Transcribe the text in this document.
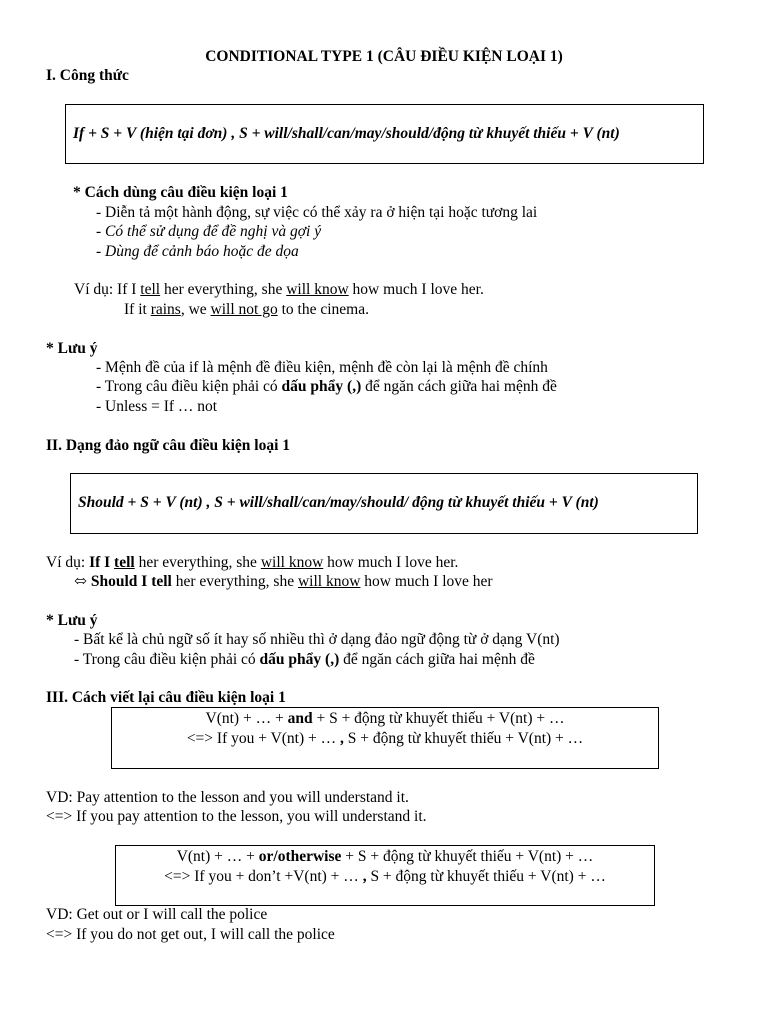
CONDITIONAL TYPE 1 (CÂU ĐIỀU KIỆN LOẠI 1)
I. Công thức
If + S + V (hiện tại đơn) , S + will/shall/can/may/should/động từ khuyết thiếu + V (nt)
* Cách dùng câu điều kiện loại 1
- Diễn tả một hành động, sự việc có thể xảy ra ở hiện tại hoặc tương lai
- Có thể sử dụng để đề nghị và gợi ý
- Dùng để cảnh báo hoặc đe dọa
Ví dụ: If I tell her everything, she will know how much I love her.
If it rains, we will not go to the cinema.
* Lưu ý
- Mệnh đề của if là mệnh đề điều kiện, mệnh đề còn lại là mệnh đề chính
- Trong câu điều kiện phải có dấu phẩy (,) để ngăn cách giữa hai mệnh đề
- Unless = If … not
II. Dạng đảo ngữ câu điều kiện loại 1
Should + S + V (nt) , S + will/shall/can/may/should/ động từ khuyết thiếu + V (nt)
Ví dụ: If I tell her everything, she will know how much I love her.
⬄ Should I tell her everything, she will know how much I love her
* Lưu ý
- Bất kể là chủ ngữ số ít hay số nhiều thì ở dạng đảo ngữ động từ ở dạng V(nt)
- Trong câu điều kiện phải có dấu phẩy (,) để ngăn cách giữa hai mệnh đề
III. Cách viết lại câu điều kiện loại 1
V(nt) + … + and + S + động từ khuyết thiếu + V(nt) + …
<=> If you + V(nt) + … , S + động từ khuyết thiếu + V(nt) + …
VD: Pay attention to the lesson and you will understand it.
<=> If you pay attention to the lesson, you will understand it.
V(nt) + … + or/otherwise + S + động từ khuyết thiếu + V(nt) + …
<=> If you + don’t +V(nt) + … , S + động từ khuyết thiếu + V(nt) + …
VD: Get out or I will call the police
<=> If you do not get out, I will call the police
